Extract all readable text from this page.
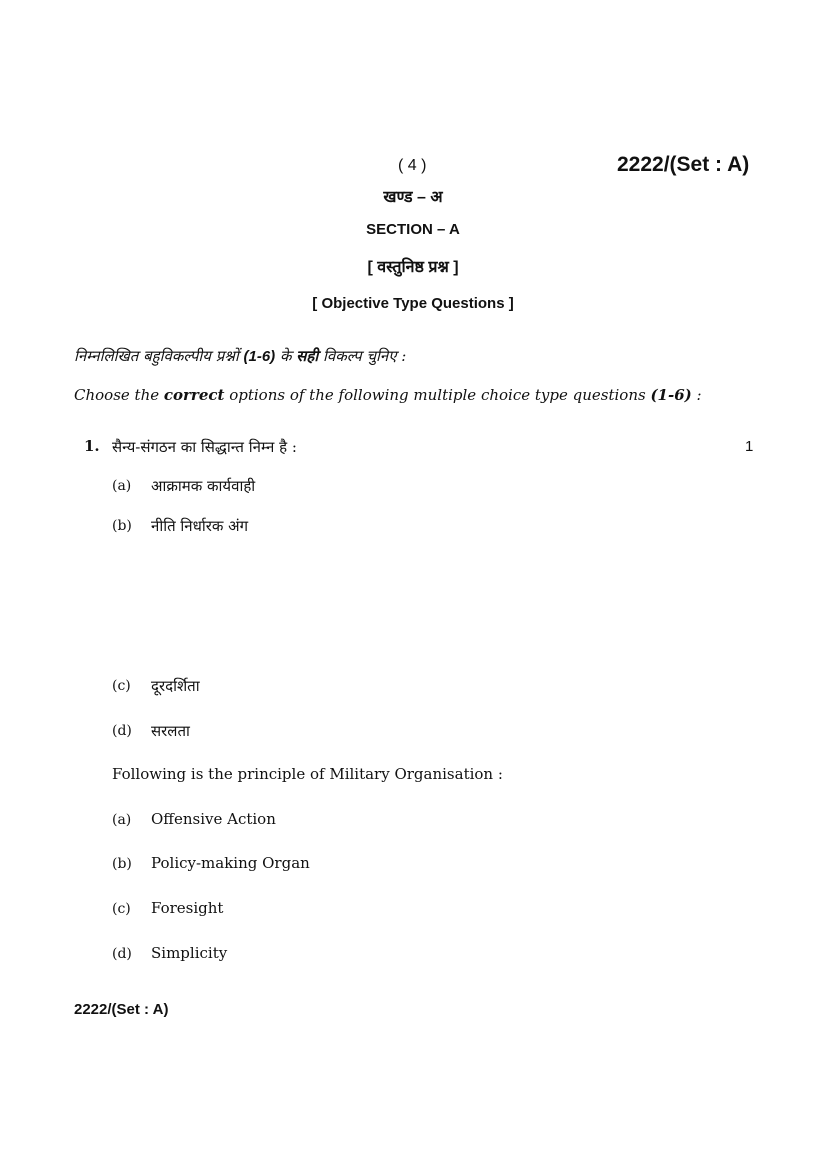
( 4 )	2222/(Set : A)
खण्ड – अ
SECTION – A
[ वस्तुनिष्ठ प्रश्न ]
[ Objective Type Questions ]
निम्नलिखित बहुविकल्पीय प्रश्नों (1-6) के सही विकल्प चुनिए :
Choose the correct options of the following multiple choice type questions (1-6) :
1. सैन्य-संगठन का सिद्धान्त निम्न है :	1
(a) आक्रामक कार्यवाही
(b) नीति निर्धारक अंग
(c) दूरदर्शिता
(d) सरलता
Following is the principle of Military Organisation :
(a) Offensive Action
(b) Policy-making Organ
(c) Foresight
(d) Simplicity
2222/(Set : A)
